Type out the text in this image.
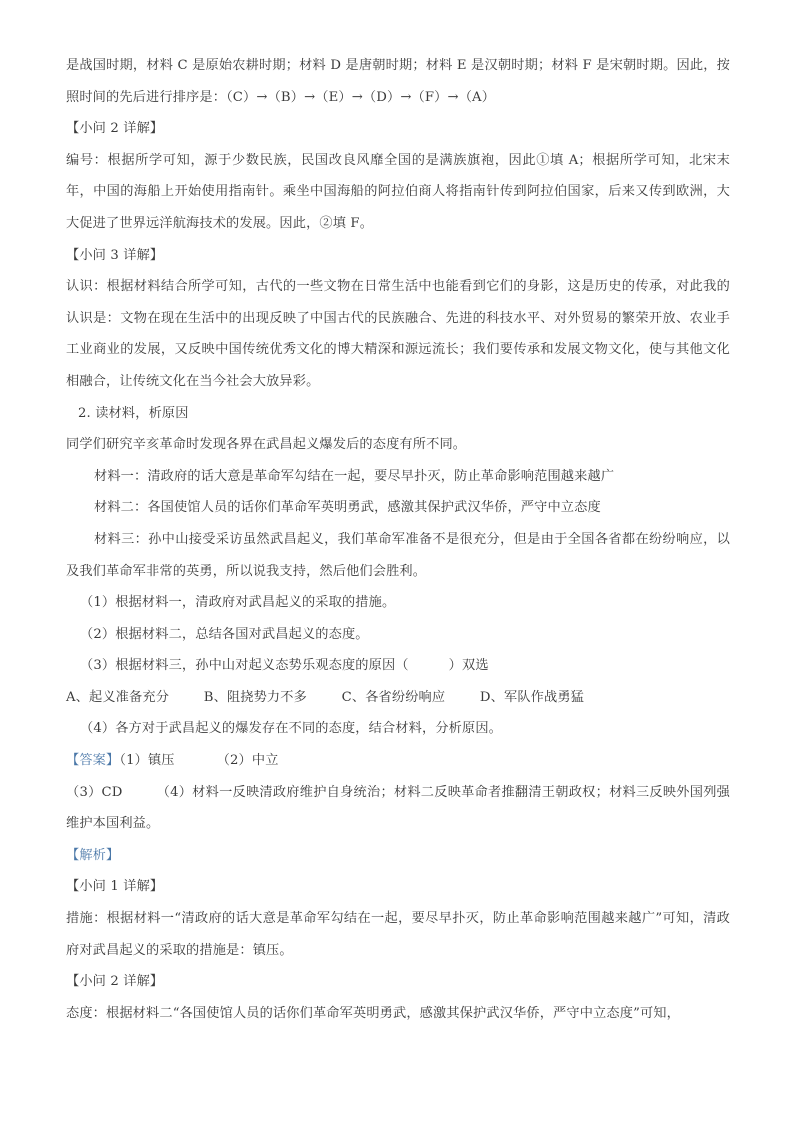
是战国时期，材料 C 是原始农耕时期；材料 D 是唐朝时期；材料 E 是汉朝时期；材料 F 是宋朝时期。因此，按照时间的先后进行排序是：（C）→（B）→（E）→（D）→（F）→（A）

【小问 2 详解】

编号：根据所学可知，源于少数民族，民国改良风靡全国的是满族旗袍，因此①填 A；根据所学可知，北宋末年，中国的海船上开始使用指南针。乘坐中国海船的阿拉伯商人将指南针传到阿拉伯国家，后来又传到欧洲，大大促进了世界远洋航海技术的发展。因此，②填 F。

【小问 3 详解】

认识：根据材料结合所学可知，古代的一些文物在日常生活中也能看到它们的身影，这是历史的传承，对此我的认识是：文物在现在生活中的出现反映了中国古代的民族融合、先进的科技水平、对外贸易的繁荣开放、农业手工业商业的发展，又反映中国传统优秀文化的博大精深和源远流长；我们要传承和发展文物文化，使与其他文化相融合，让传统文化在当今社会大放异彩。

2. 读材料，析原因

同学们研究辛亥革命时发现各界在武昌起义爆发后的态度有所不同。

材料一：清政府的话大意是革命军勾结在一起，要尽早扑灭，防止革命影响范围越来越广

材料二：各国使馆人员的话你们革命军英明勇武，感激其保护武汉华侨，严守中立态度

材料三：孙中山接受采访虽然武昌起义，我们革命军准备不是很充分，但是由于全国各省都在纷纷响应，以及我们革命军非常的英勇，所以说我支持，然后他们会胜利。

（1）根据材料一，清政府对武昌起义的采取的措施。

（2）根据材料二，总结各国对武昌起义的态度。

（3）根据材料三，孙中山对起义态势乐观态度的原因（　　　）双选

A、起义准备充分	B、阻挠势力不多	C、各省纷纷响应	D、军队作战勇猛

（4）各方对于武昌起义的爆发存在不同的态度，结合材料，分析原因。

【答案】（1）镇压	（2）中立

（3）CD	（4）材料一反映清政府维护自身统治；材料二反映革命者推翻清王朝政权；材料三反映外国列强维护本国利益。

【解析】

【小问 1 详解】

措施：根据材料一“清政府的话大意是革命军勾结在一起，要尽早扑灭，防止革命影响范围越来越广”可知，清政府对武昌起义的采取的措施是：镇压。

【小问 2 详解】

态度：根据材料二“各国使馆人员的话你们革命军英明勇武，感激其保护武汉华侨，严守中立态度”可知，
